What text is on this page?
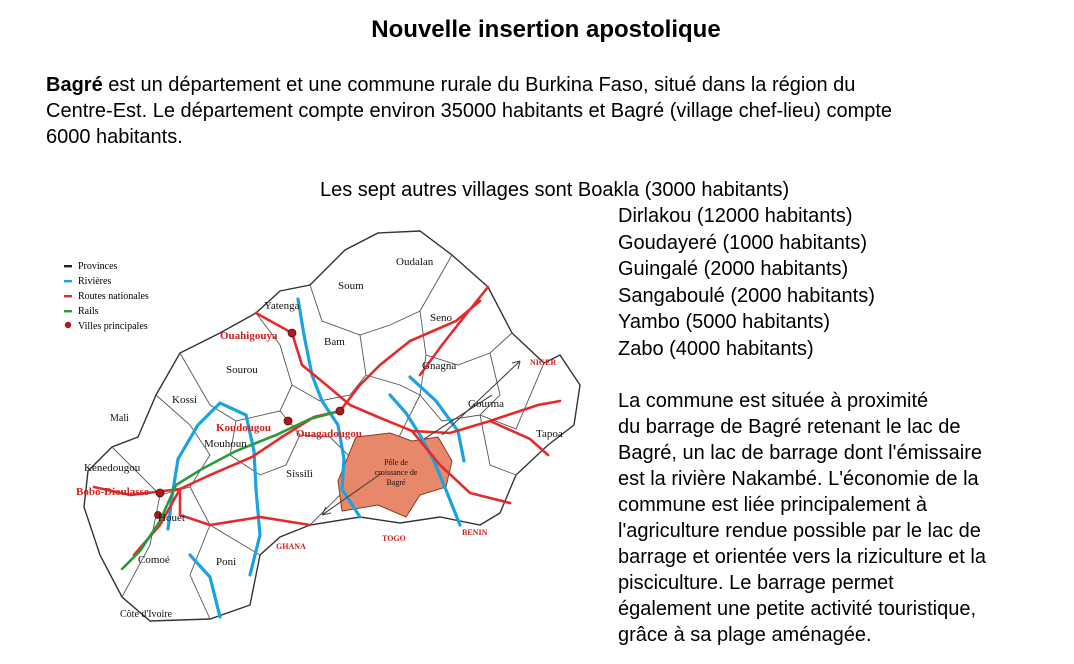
Nouvelle insertion apostolique
Bagré est un département et une commune rurale du Burkina Faso, situé dans la région du Centre-Est. Le département compte environ 35000 habitants et Bagré (village chef-lieu) compte 6000 habitants.
Les sept autres villages sont Boakla (3000 habitants)
Dirlakou (12000 habitants)
Goudayeré (1000 habitants)
Guingalé (2000 habitants)
Sangaboulé (2000 habitants)
Yambo (5000 habitants)
Zabo (4000 habitants)
La commune est située à proximité
du barrage de Bagré retenant le lac de
Bagré, un lac de barrage dont l'émissaire
est la rivière Nakambé. L'économie de la
commune est liée principalement à
l'agriculture rendue possible par le lac de
barrage et orientée vers la riziculture et la
pisciculture. Le barrage permet
également une petite activité touristique,
grâce à sa plage aménagée.
Provinces
Rivières
Routes nationales
Rails
Villes principales
Oudalan
Soum
Seno
Yatenga
Bam
Gnagna
Sourou
Gourma
Kossi
Tapoa
Mouhoun
Sissili
Kenedougou
Houet
Comoé	Poni
Ouahigouya
Koudougou Ouagadougou
Bobo-Dioulasso
Mali
NIGER
GHANA
TOGO
BENIN
Côte d'Ivoire
Pôle de
croissance de
Bagré
